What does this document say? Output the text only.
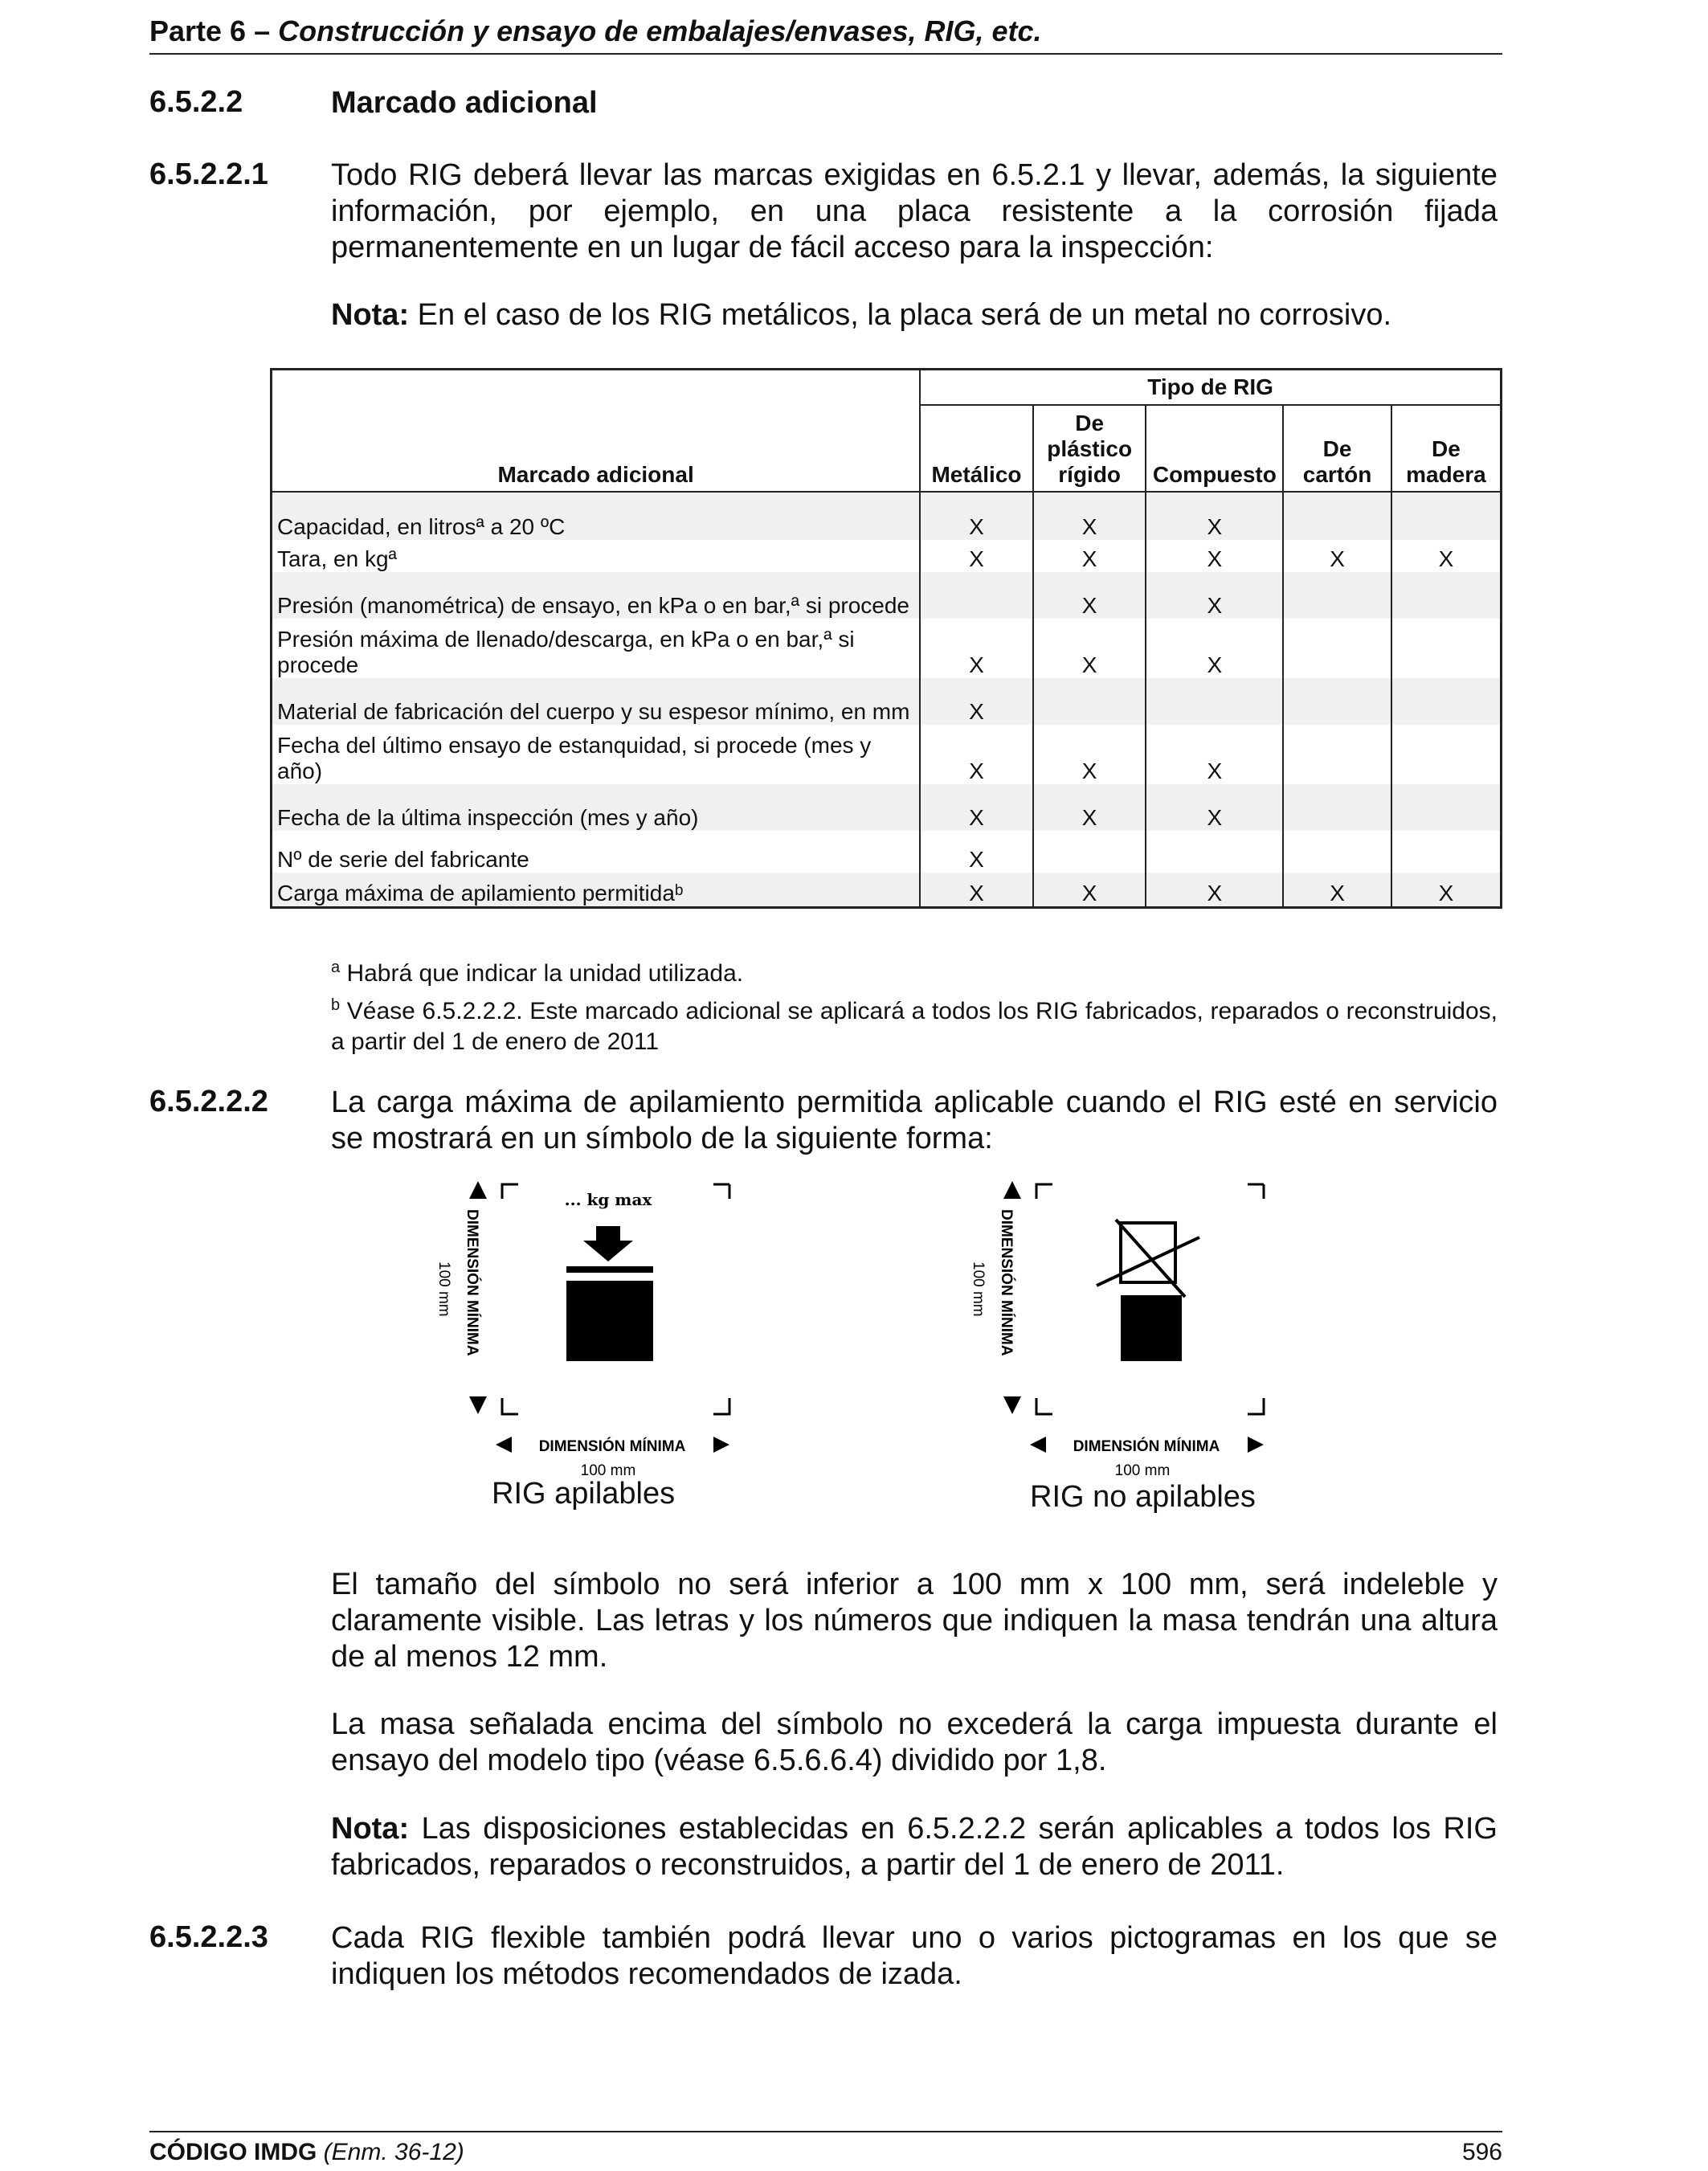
Parte 6 – Construcción y ensayo de embalajes/envases, RIG, etc.
6.5.2.2	Marcado adicional
6.5.2.2.1 Todo RIG deberá llevar las marcas exigidas en 6.5.2.1 y llevar, además, la siguiente información, por ejemplo, en una placa resistente a la corrosión fijada permanentemente en un lugar de fácil acceso para la inspección:
Nota: En el caso de los RIG metálicos, la placa será de un metal no corrosivo.
Marcado adicional	Tipo de RIG				
	Metálico	De plástico rígido	Compuesto	De cartón	De madera
Capacidad, en litrosª a 20 ºC	X	X	X		
Tara, en kgª	X	X	X	X	X
Presión (manométrica) de ensayo, en kPa o en bar,ª si procede		X	X		
Presión máxima de llenado/descarga, en kPa o en bar,ª si procede	X	X	X		
Material de fabricación del cuerpo y su espesor mínimo, en mm	X				
Fecha del último ensayo de estanquidad, si procede (mes y año)	X	X	X		
Fecha de la última inspección (mes y año)	X	X	X		
Nº de serie del fabricante	X				
Carga máxima de apilamiento permitidaᵇ	X	X	X	X	X
$^a$ Habrá que indicar la unidad utilizada.
$^b$ Véase 6.5.2.2.2. Este marcado adicional se aplicará a todos los RIG fabricados, reparados o reconstruidos, a partir del 1 de enero de 2011
6.5.2.2.2 La carga máxima de apilamiento permitida aplicable cuando el RIG esté en servicio se mostrará en un símbolo de la siguiente forma:
DIMENSIÓN MÍNIMA
100 mm
... kg max
DIMENSIÓN MÍNIMA
100 mm
RIG apilables
DIMENSIÓN MÍNIMA
100 mm
DIMENSIÓN MÍNIMA
100 mm
RIG no apilables
El tamaño del símbolo no será inferior a 100 mm x 100 mm, será indeleble y claramente visible. Las letras y los números que indiquen la masa tendrán una altura de al menos 12 mm.
La masa señalada encima del símbolo no excederá la carga impuesta durante el ensayo del modelo tipo (véase 6.5.6.6.4) dividido por 1,8.
Nota: Las disposiciones establecidas en 6.5.2.2.2 serán aplicables a todos los RIG fabricados, reparados o reconstruidos, a partir del 1 de enero de 2011.
6.5.2.2.3 Cada RIG flexible también podrá llevar uno o varios pictogramas en los que se indiquen los métodos recomendados de izada.
CÓDIGO IMDG (Enm. 36-12)	596
